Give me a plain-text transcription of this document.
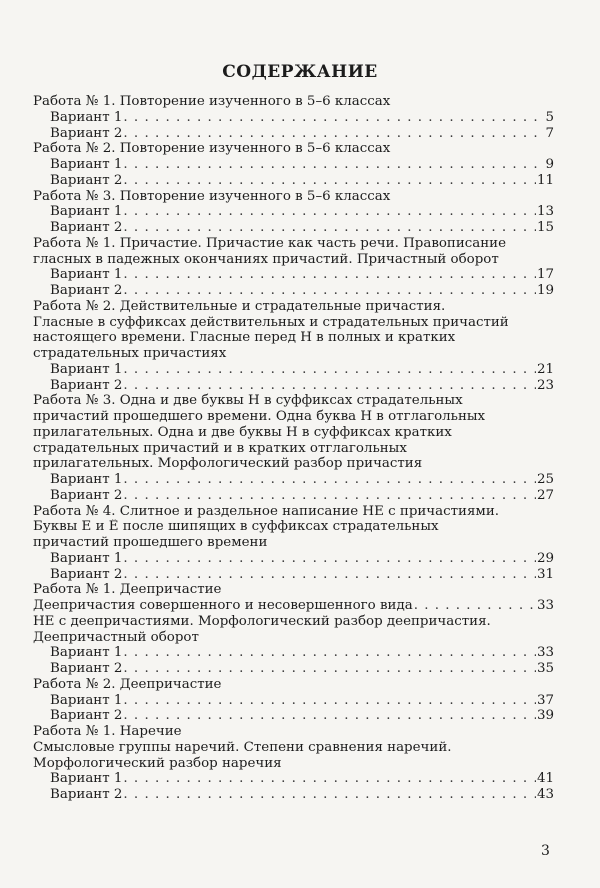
СОДЕРЖАНИЕ
Работа № 1. Повторение изученного в 5–6 классах
Вариант 1 . . .	5
Вариант 2 . . .	7
Работа № 2. Повторение изученного в 5–6 классах
Вариант 1 . . .	9
Вариант 2 . . .	11
Работа № 3. Повторение изученного в 5–6 классах
Вариант 1 . . .	13
Вариант 2 . . .	15
Работа № 1. Причастие. Причастие как часть речи. Правописание
гласных в падежных окончаниях причастий. Причастный оборот
Вариант 1 . . .	17
Вариант 2 . . .	19
Работа № 2. Действительные и страдательные причастия.
Гласные в суффиксах действительных и страдательных причастий
настоящего времени. Гласные перед Н в полных и кратких
страдательных причастиях
Вариант 1 . . .	21
Вариант 2 . . .	23
Работа № 3. Одна и две буквы Н в суффиксах страдательных
причастий прошедшего времени. Одна буква Н в отглагольных
прилагательных. Одна и две буквы Н в суффиксах кратких
страдательных причастий и в кратких отглагольных
прилагательных. Морфологический разбор причастия
Вариант 1 . . .	25
Вариант 2 . . .	27
Работа № 4. Слитное и раздельное написание НЕ с причастиями.
Буквы Е и Ё после шипящих в суффиксах страдательных
причастий прошедшего времени
Вариант 1 . . .	29
Вариант 2 . . .	31
Работа № 1. Деепричастие
Деепричастия совершенного и несовершенного вида . . .	33
НЕ с деепричастиями. Морфологический разбор деепричастия.
Деепричастный оборот
Вариант 1 . . .	33
Вариант 2 . . .	35
Работа № 2. Деепричастие
Вариант 1 . . .	37
Вариант 2 . . .	39
Работа № 1. Наречие
Смысловые группы наречий. Степени сравнения наречий.
Морфологический разбор наречия
Вариант 1 . . .	41
Вариант 2 . . .	43
3
